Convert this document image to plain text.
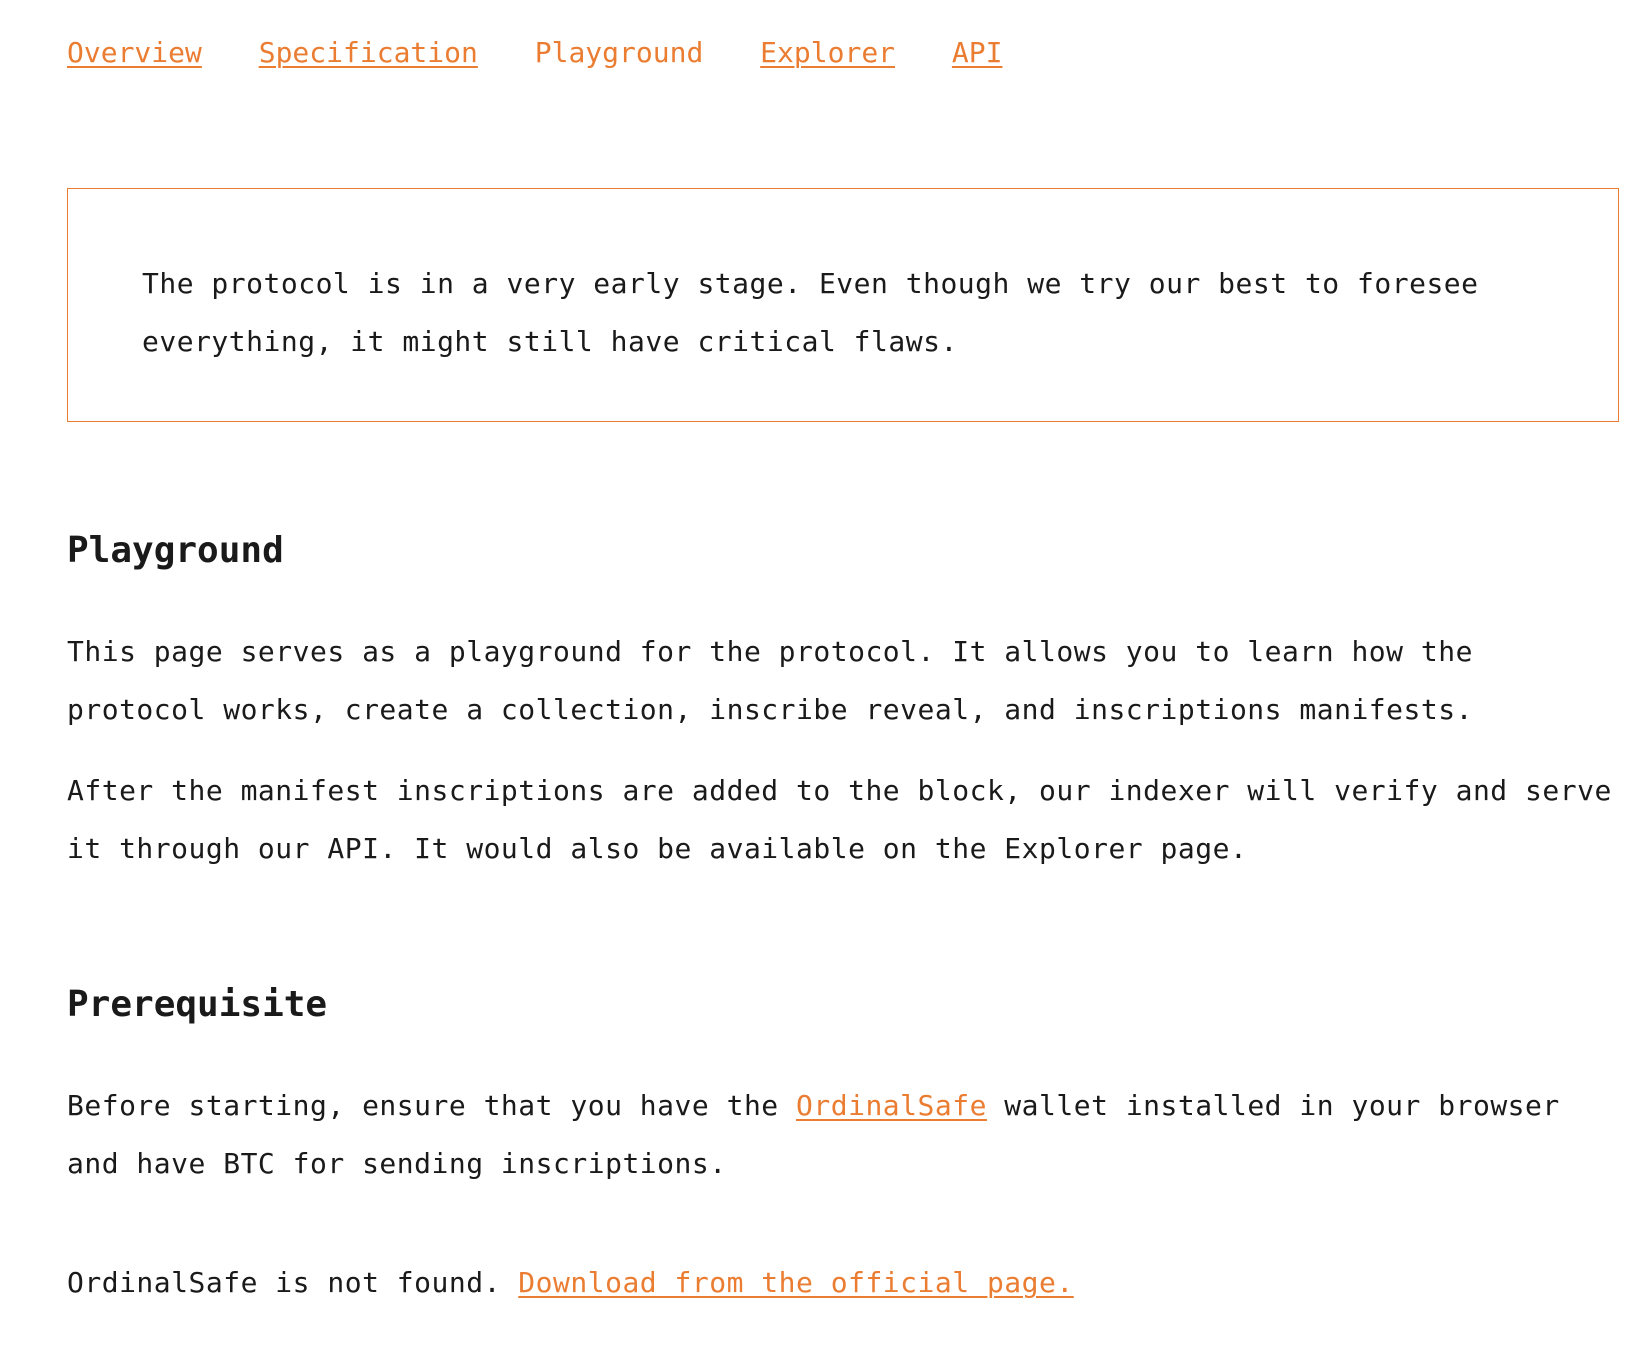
Overview Specification Playground Explorer API

The protocol is in a very early stage. Even though we try our best to foresee everything, it might still have critical flaws.

Playground

This page serves as a playground for the protocol. It allows you to learn how the protocol works, create a collection, inscribe reveal, and inscriptions manifests.

After the manifest inscriptions are added to the block, our indexer will verify and serve it through our API. It would also be available on the Explorer page.

Prerequisite

Before starting, ensure that you have the OrdinalSafe wallet installed in your browser and have BTC for sending inscriptions.

OrdinalSafe is not found. Download from the official page.
